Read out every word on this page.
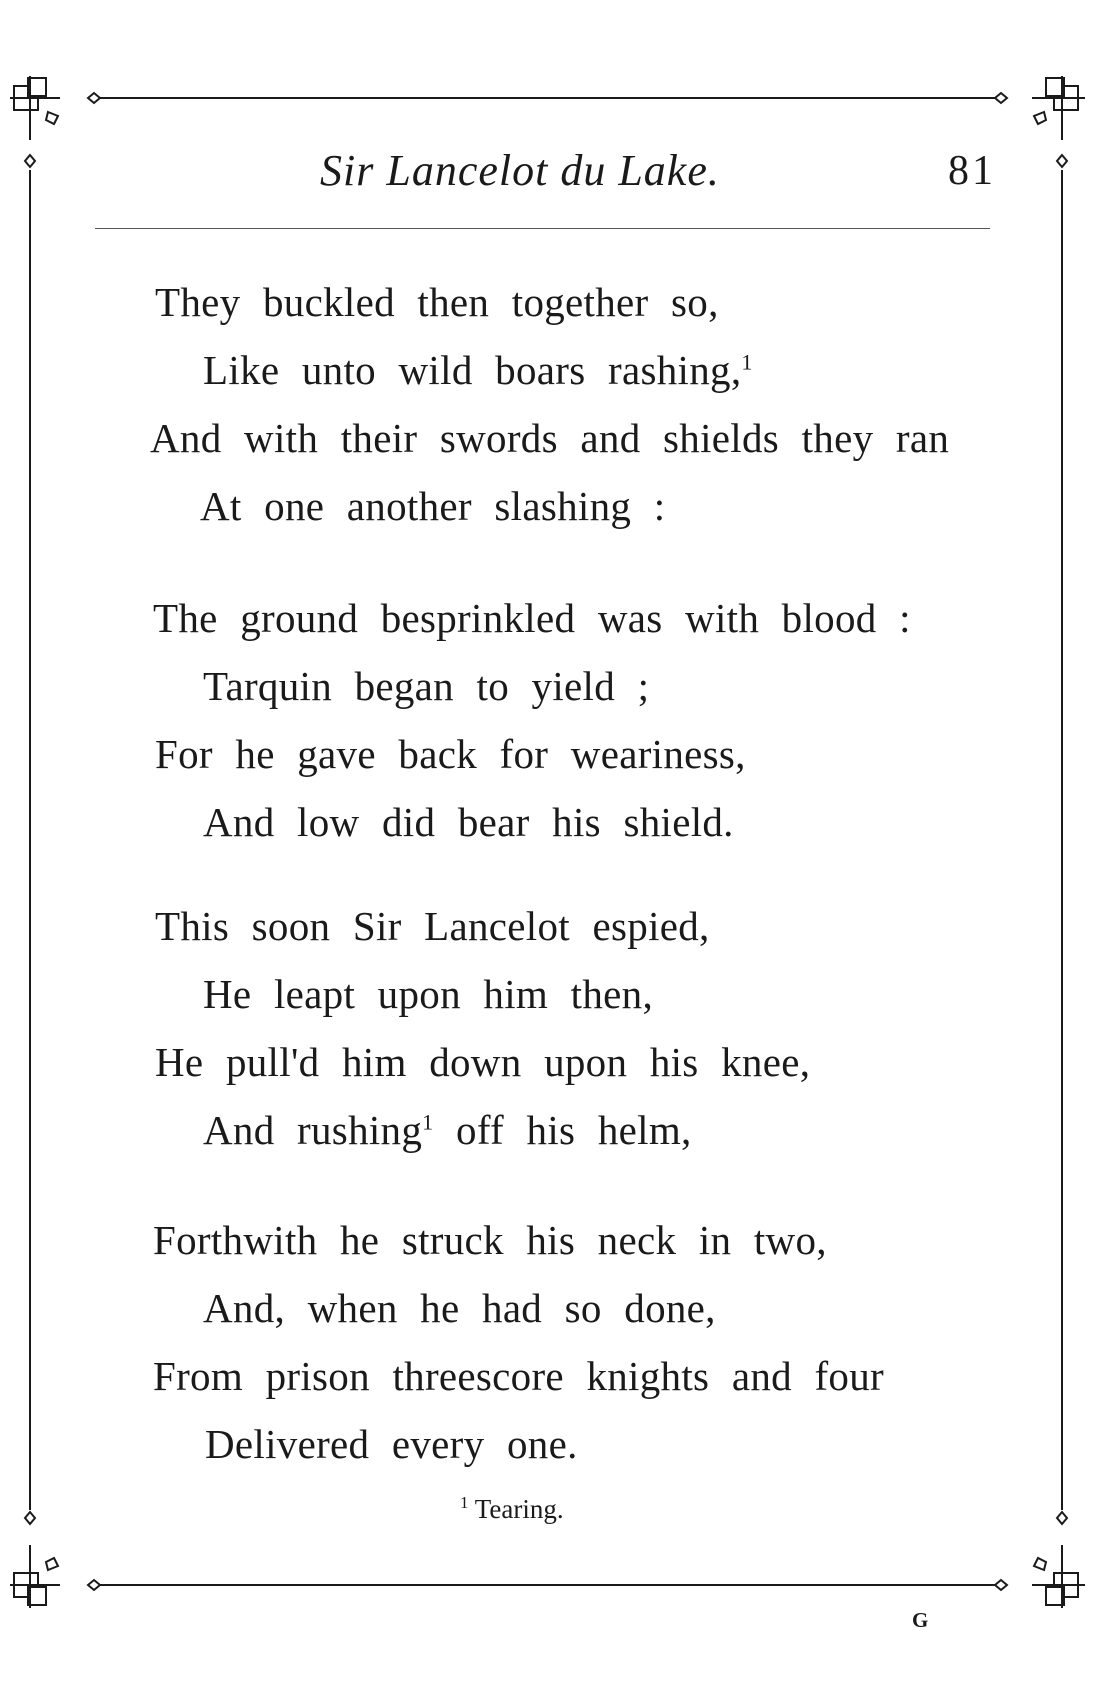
Sir Lancelot du Lake.	81
They buckled then together so,
Like unto wild boars rashing,$^1$
And with their swords and shields they ran
At one another slashing :
The ground besprinkled was with blood :
Tarquin began to yield ;
For he gave back for weariness,
And low did bear his shield.
This soon Sir Lancelot espied,
He leapt upon him then,
He pull'd him down upon his knee,
And rushing$^1$ off his helm,
Forthwith he struck his neck in two,
And, when he had so done,
From prison threescore knights and four
Delivered every one.
$^1$ Tearing.
G
